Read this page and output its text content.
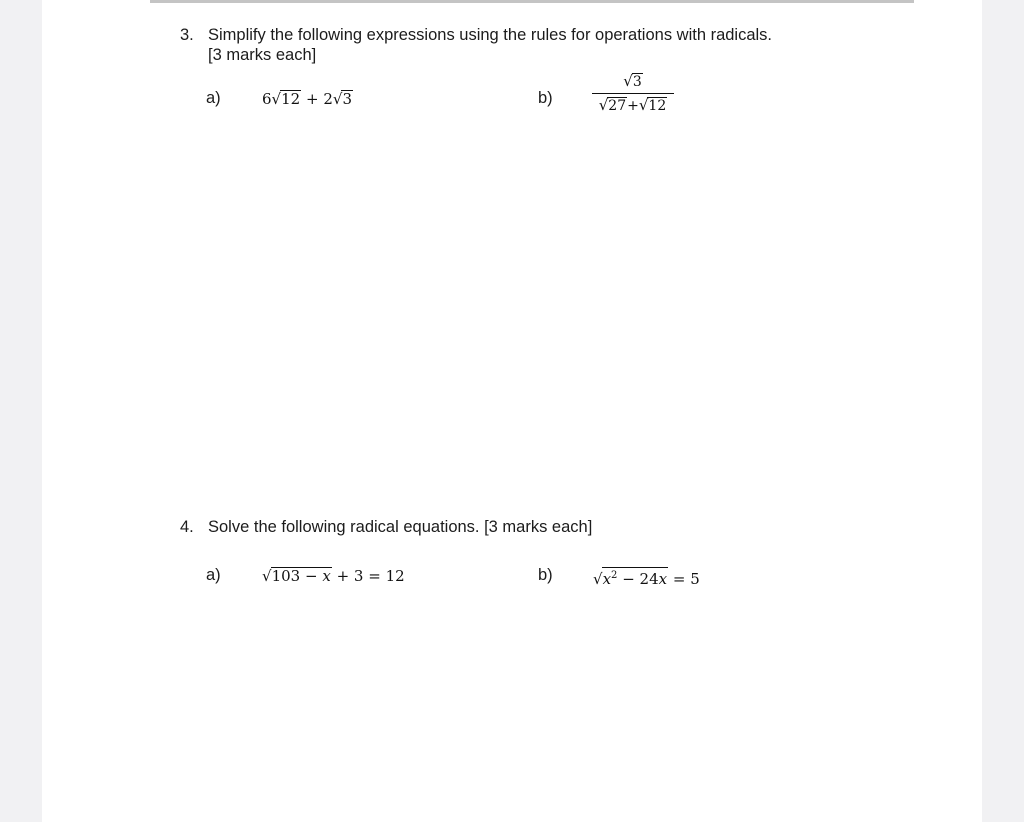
3. Simplify the following expressions using the rules for operations with radicals.
[3 marks each]
a)	6√12 + 2√3	b)
√3
√27+√12
4. Solve the following radical equations. [3 marks each]
a)	√103 − x + 3 = 12	b)	$√x^2 - 24x = 5$
